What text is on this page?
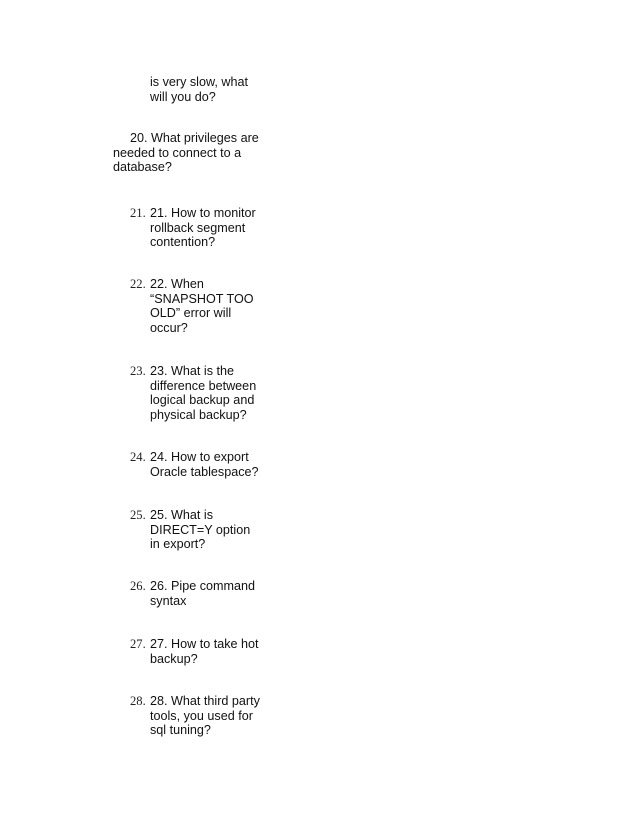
is very slow, what
will you do?
20. What privileges are
needed to connect to a
database?
21. 21. How to monitor
rollback segment
contention?
22. 22. When
“SNAPSHOT TOO
OLD” error will
occur?
23. 23. What is the
difference between
logical backup and
physical backup?
24. 24. How to export
Oracle tablespace?
25. 25. What is
DIRECT=Y option
in export?
26. 26. Pipe command
syntax
27. 27. How to take hot
backup?
28. 28. What third party
tools, you used for
sql tuning?
